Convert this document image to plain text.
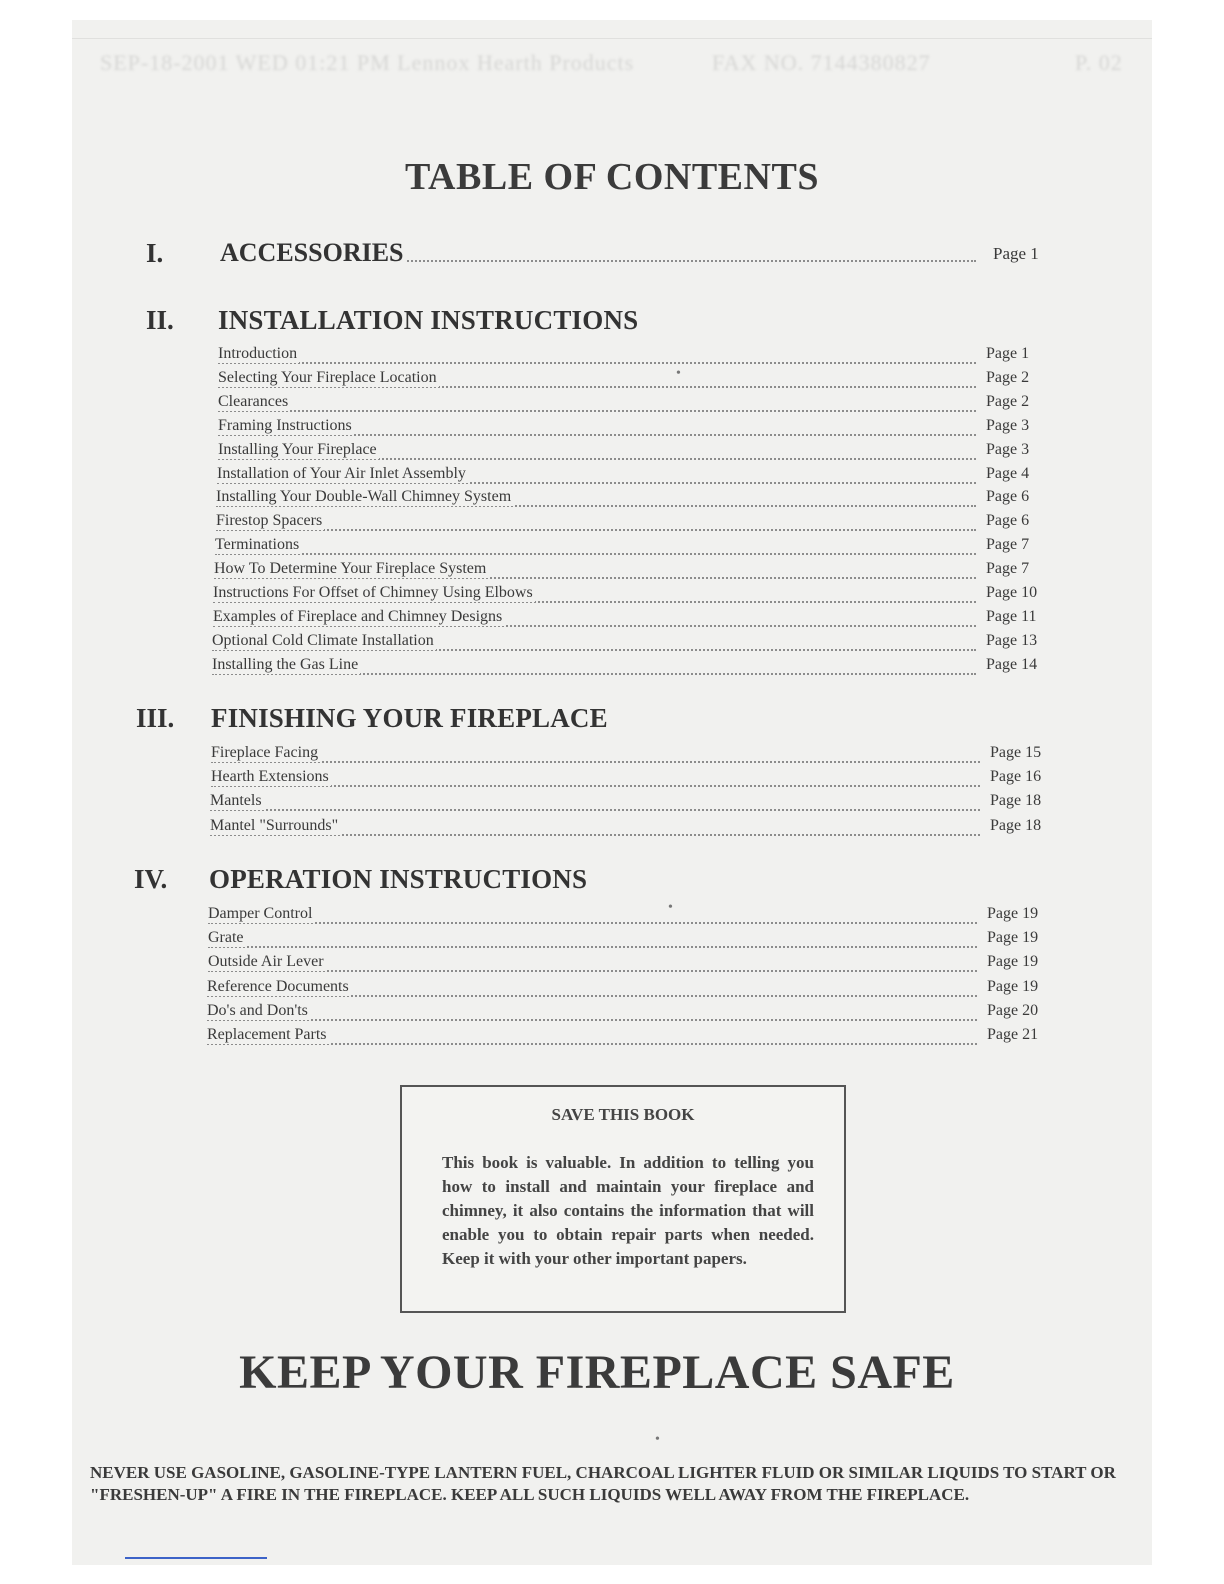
SEP-18-2001 WED 01:21 PM Lennox Hearth Products	FAX NO. 7144380827	P. 02
TABLE OF CONTENTS
I. ACCESSORIES	Page 1
II. INSTALLATION INSTRUCTIONS
Introduction	Page 1
Selecting Your Fireplace Location	Page 2
Clearances	Page 2
Framing Instructions	Page 3
Installing Your Fireplace	Page 3
Installation of Your Air Inlet Assembly	Page 4
Installing Your Double-Wall Chimney System	Page 6
Firestop Spacers	Page 6
Terminations	Page 7
How To Determine Your Fireplace System	Page 7
Instructions For Offset of Chimney Using Elbows	Page 10
Examples of Fireplace and Chimney Designs	Page 11
Optional Cold Climate Installation	Page 13
Installing the Gas Line	Page 14
III. FINISHING YOUR FIREPLACE
Fireplace Facing	Page 15
Hearth Extensions	Page 16
Mantels	Page 18
Mantel "Surrounds"	Page 18
IV. OPERATION INSTRUCTIONS
Damper Control	Page 19
Grate	Page 19
Outside Air Lever	Page 19
Reference Documents	Page 19
Do's and Don'ts	Page 20
Replacement Parts	Page 21
SAVE THIS BOOK
This book is valuable. In addition to telling you how to install and maintain your fireplace and chimney, it also contains the information that will enable you to obtain repair parts when needed. Keep it with your other important papers.
KEEP YOUR FIREPLACE SAFE
NEVER USE GASOLINE, GASOLINE-TYPE LANTERN FUEL, CHARCOAL LIGHTER FLUID OR SIMILAR LIQUIDS TO START OR "FRESHEN-UP" A FIRE IN THE FIREPLACE. KEEP ALL SUCH LIQUIDS WELL AWAY FROM THE FIREPLACE.
•
•
•
